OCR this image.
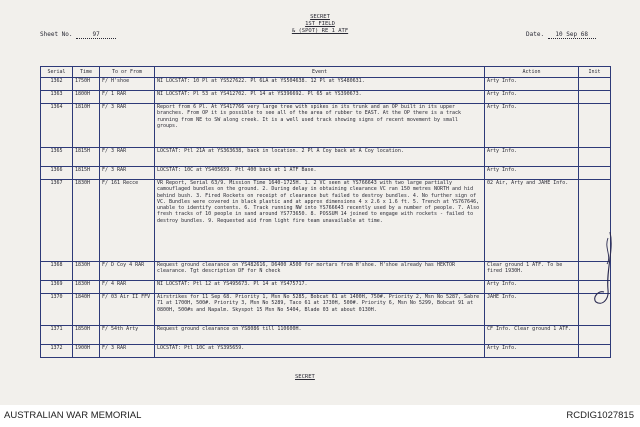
SECRET
1ST FIELD
& (SPOT) RE 1 ATF
Sheet No.	97	Date. 10 Sep 68
Serial	Time	To or From	Event	Action	Init
1362	1750H	F/ H'shoe	NI LOCSTAT: 10 Pl at YS527622. Pl 6LA at YS504638. 12 Pl at YS480631.	Arty Info.	
1363	1800H	F/ 1 RAR	NI LOCSTAT: Pl 53 at YS412702. Pl 14 at YS396692. Pl 65 at YS390673.	Arty Info.	
1364	1810H	F/ 3 RAR	Report from 6 Pl. At YS417766 very large tree with spikes in its trunk and an OP built in its upper branches. From OP it is possible to see all of the area of rubber to EAST. At the OP there is a track running from NE to SW along creek. It is a well used track showing signs of recent movement by small groups.	Arty Info.	
1365	1815H	F/ 3 RAR	LOCSTAT: Ptl 21A at YS363638, back in location. 2 Pl A Coy back at A Coy location.	Arty Info.	
1366	1815H	F/ 3 RAR	LOCSTAT: 10C at YS405659. Ptl 400 back at 1 ATF Base.	Arty Info.	
1367	1830H	F/ 161 Recce	VR Report, Serial 63/9. Mission Time 1640-1725H. 1. 2 VC seen at YS766643 with two large partially camouflaged bundles on the ground. 2. During delay in obtaining clearance VC ran 150 metres NORTH and hid behind bush. 3. Fired Rockets on receipt of clearance but failed to destroy bundles. 4. No further sign of VC. Bundles were covered in black plastic and at approx dimensions 4 x 2.6 x 1.6 ft. 5. Trench at YS767646, unable to identify contents. 6. Track running NW into YS766643 recently used by a number of people. 7. Also fresh tracks of 10 people in sand around YS773650. 8. POSSUM 14 joined to engage with rockets - failed to destroy bundles. 9. Requested aid from light fire team unavailable at time.	02 Air, Arty and JAHE Info.	
1368	1830H	F/ D Coy 4 RAR	Request ground clearance on YS482616, D6400 A500 for mortars from H'shoe. H'shoe already has HEKTOR clearance. Tgt description DF for N check	Clear ground 1 ATF. To be fired 1930H.	
1369	1830H	F/ 4 RAR	NI LOCSTAT: Ptl 12 at YS495673. Pl 14 at YS475717.	Arty Info.	
1370	1840H	F/ 03 Air II FFV	Airstrikes for 11 Sep 68. Priority 1, Msn No 5285, Bobcat 61 at 1400H, 750#. Priority 2, Msn No 5287, Sabre 71 at 1700H, 500#. Priority 3, Msn No 5289, Taco 61 at 1730H, 500#. Priority 6, Msn No 5299, Bobcat 91 at 0800H, 500#s and Napalm. Skyspot 15 Msn No 5404, Blade 03 at about 0130H.	JAHE Info.	
1371	1850H	F/ 54th Arty	Request ground clearance on YS8086 till 110600H.	CF Info. Clear ground 1 ATF.	
1372	1900H	F/ 3 RAR	LOCSTAT: Ptl 10C at YS395659.	Arty Info.	
SECRET
AUSTRALIAN WAR MEMORIAL	RCDIG1027815
